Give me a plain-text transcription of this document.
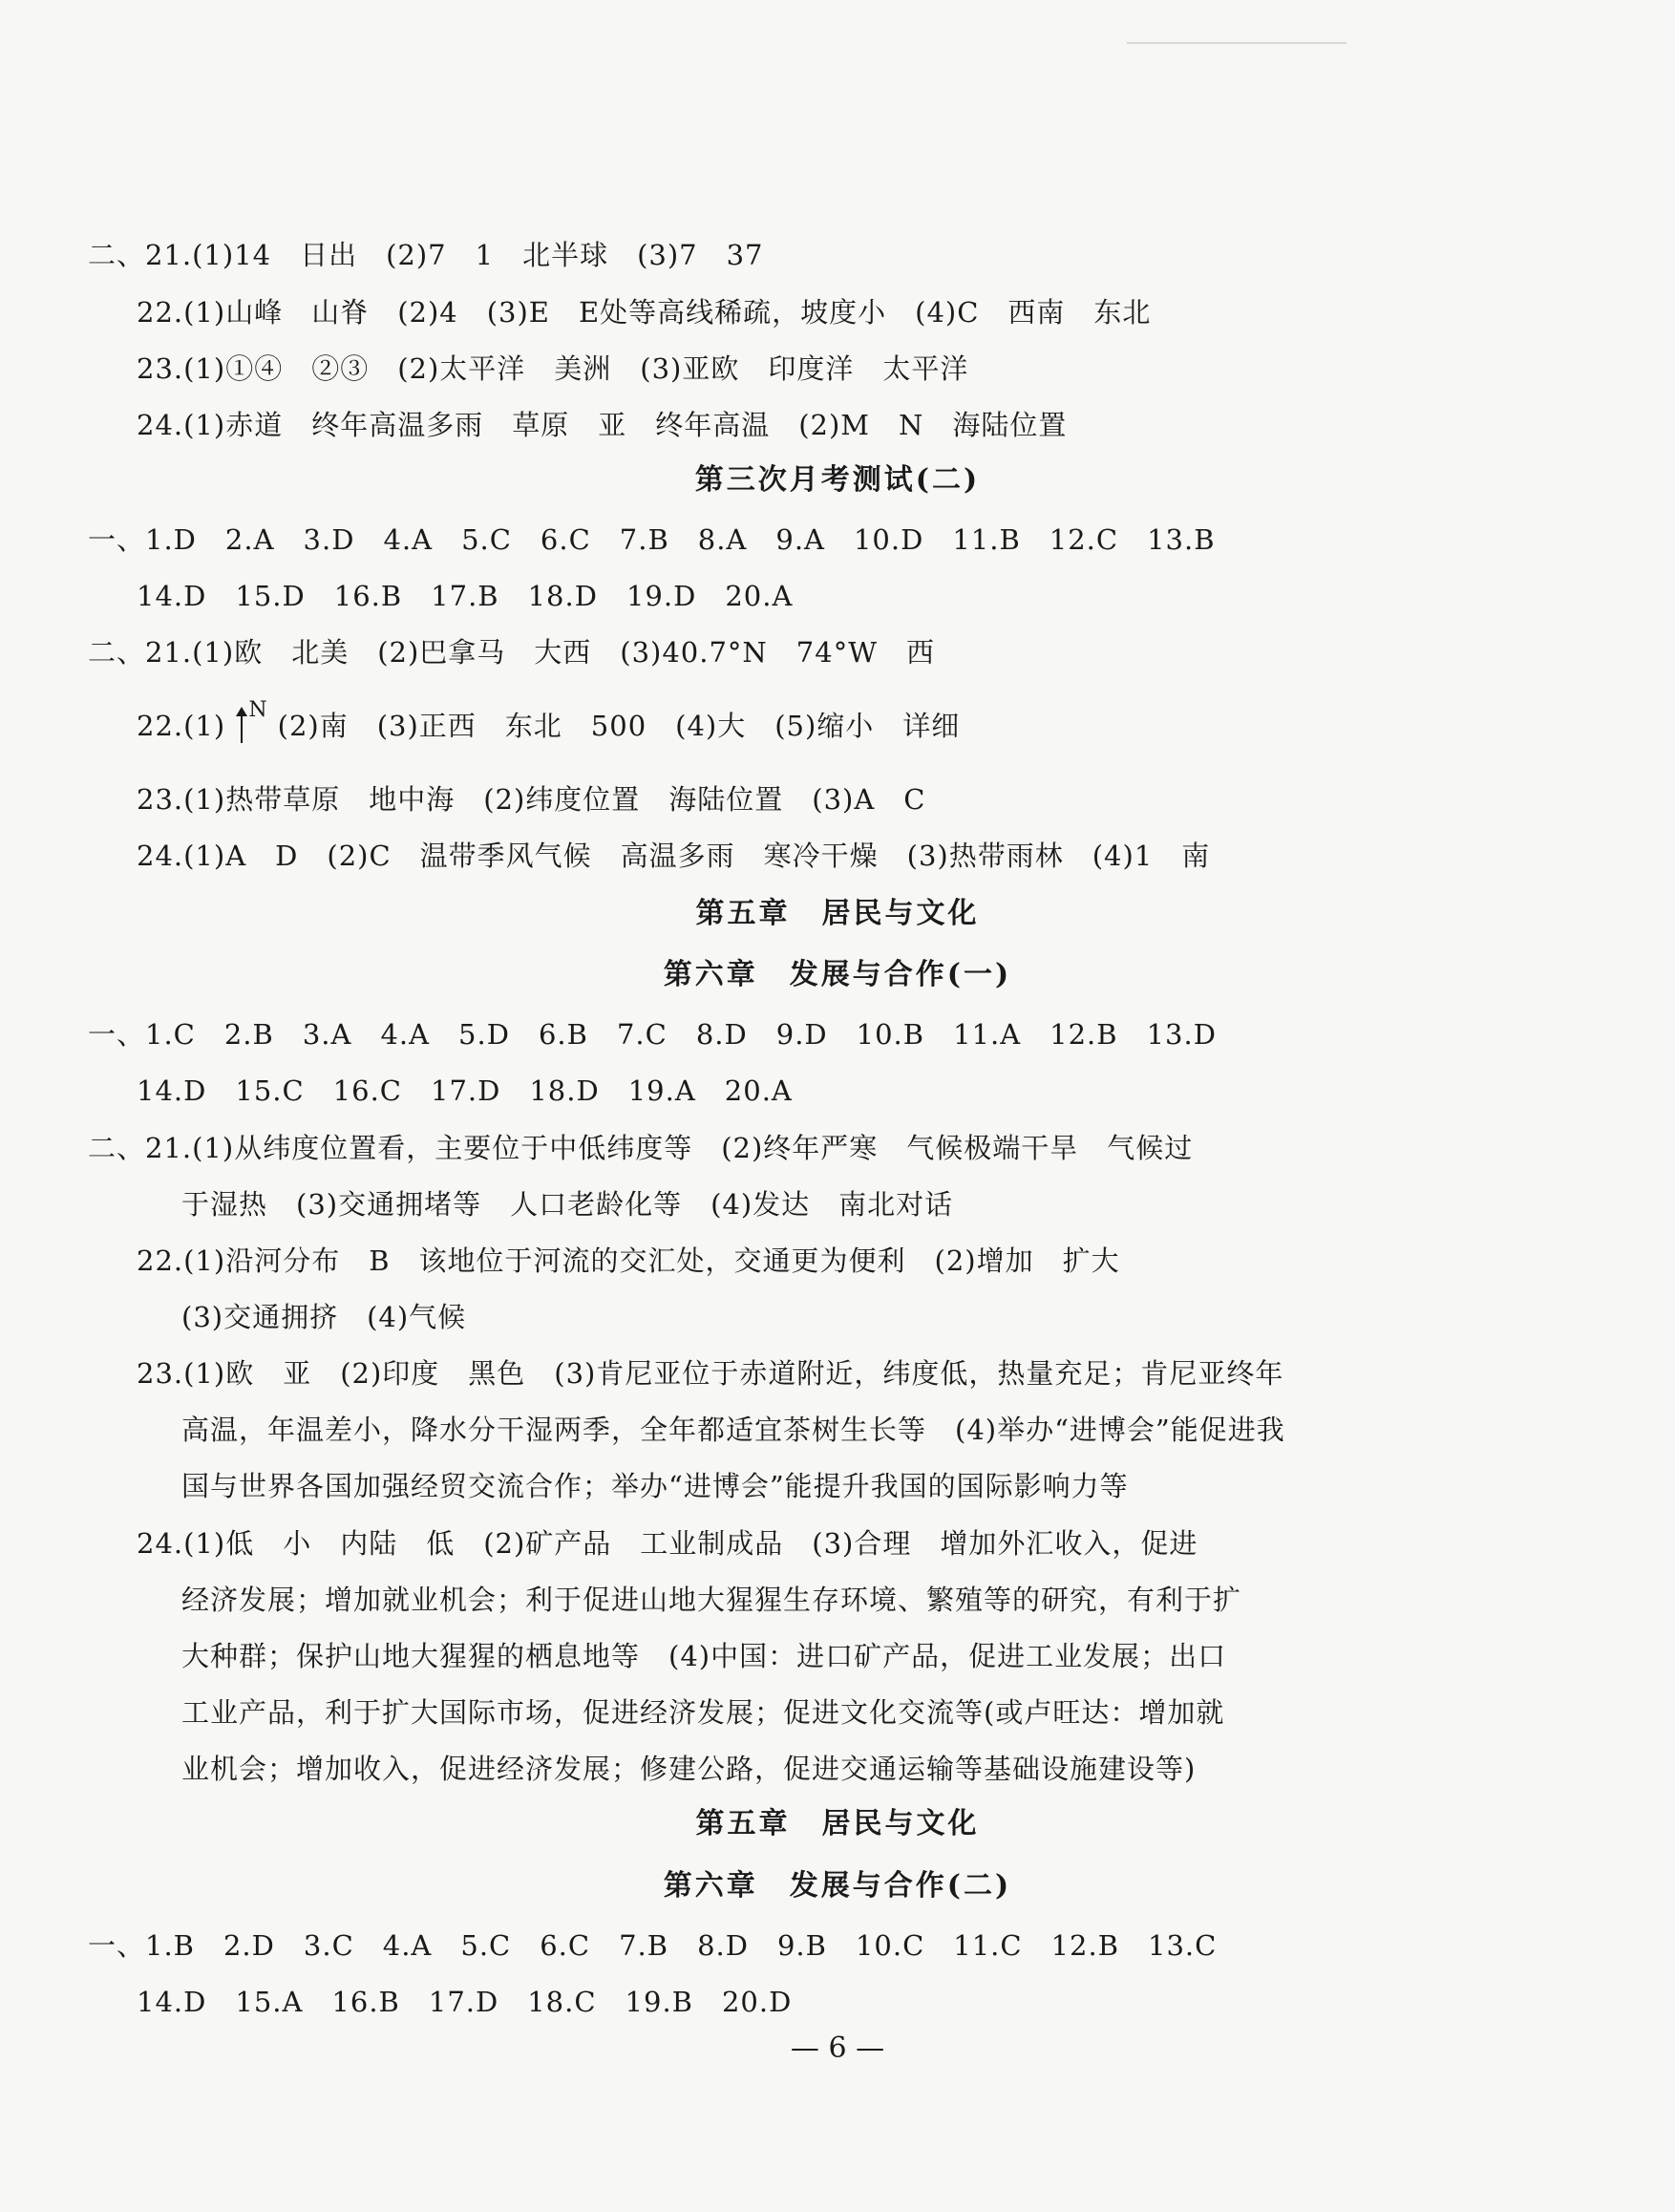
二、21.(1)14　日出　(2)7　1　北半球　(3)7　37
22.(1)山峰　山脊　(2)4　(3)E　E处等高线稀疏，坡度小　(4)C　西南　东北
23.(1)①④　②③　(2)太平洋　美洲　(3)亚欧　印度洋　太平洋
24.(1)赤道　终年高温多雨　草原　亚　终年高温　(2)M　N　海陆位置
第三次月考测试(二)
一、1.D　2.A　3.D　4.A　5.C　6.C　7.B　8.A　9.A　10.D　11.B　12.C　13.B
14.D　15.D　16.B　17.B　18.D　19.D　20.A
二、21.(1)欧　北美　(2)巴拿马　大西　(3)40.7°N　74°W　西
22.(1) N (2)南　(3)正西　东北　500　(4)大　(5)缩小　详细
23.(1)热带草原　地中海　(2)纬度位置　海陆位置　(3)A　C
24.(1)A　D　(2)C　温带季风气候　高温多雨　寒冷干燥　(3)热带雨林　(4)1　南
第五章　居民与文化
第六章　发展与合作(一)
一、1.C　2.B　3.A　4.A　5.D　6.B　7.C　8.D　9.D　10.B　11.A　12.B　13.D
14.D　15.C　16.C　17.D　18.D　19.A　20.A
二、21.(1)从纬度位置看，主要位于中低纬度等　(2)终年严寒　气候极端干旱　气候过
于湿热　(3)交通拥堵等　人口老龄化等　(4)发达　南北对话
22.(1)沿河分布　B　该地位于河流的交汇处，交通更为便利　(2)增加　扩大
(3)交通拥挤　(4)气候
23.(1)欧　亚　(2)印度　黑色　(3)肯尼亚位于赤道附近，纬度低，热量充足；肯尼亚终年
高温，年温差小，降水分干湿两季，全年都适宜茶树生长等　(4)举办“进博会”能促进我
国与世界各国加强经贸交流合作；举办“进博会”能提升我国的国际影响力等
24.(1)低　小　内陆　低　(2)矿产品　工业制成品　(3)合理　增加外汇收入，促进
经济发展；增加就业机会；利于促进山地大猩猩生存环境、繁殖等的研究，有利于扩
大种群；保护山地大猩猩的栖息地等　(4)中国：进口矿产品，促进工业发展；出口
工业产品，利于扩大国际市场，促进经济发展；促进文化交流等(或卢旺达：增加就
业机会；增加收入，促进经济发展；修建公路，促进交通运输等基础设施建设等)
第五章　居民与文化
第六章　发展与合作(二)
一、1.B　2.D　3.C　4.A　5.C　6.C　7.B　8.D　9.B　10.C　11.C　12.B　13.C
14.D　15.A　16.B　17.D　18.C　19.B　20.D
— 6 —
